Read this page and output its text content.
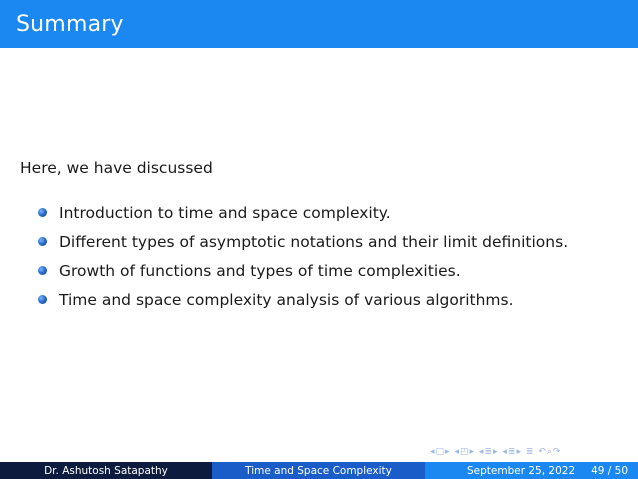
Summary
Here, we have discussed
Introduction to time and space complexity.
Different types of asymptotic notations and their limit definitions.
Growth of functions and types of time complexities.
Time and space complexity analysis of various algorithms.
◂□▸ ◂◰▸ ◂≣▸ ◂≣▸ ≣ ↶⌕↷
Dr. Ashutosh Satapathy	Time and Space Complexity	September 25, 2022 49 / 50
